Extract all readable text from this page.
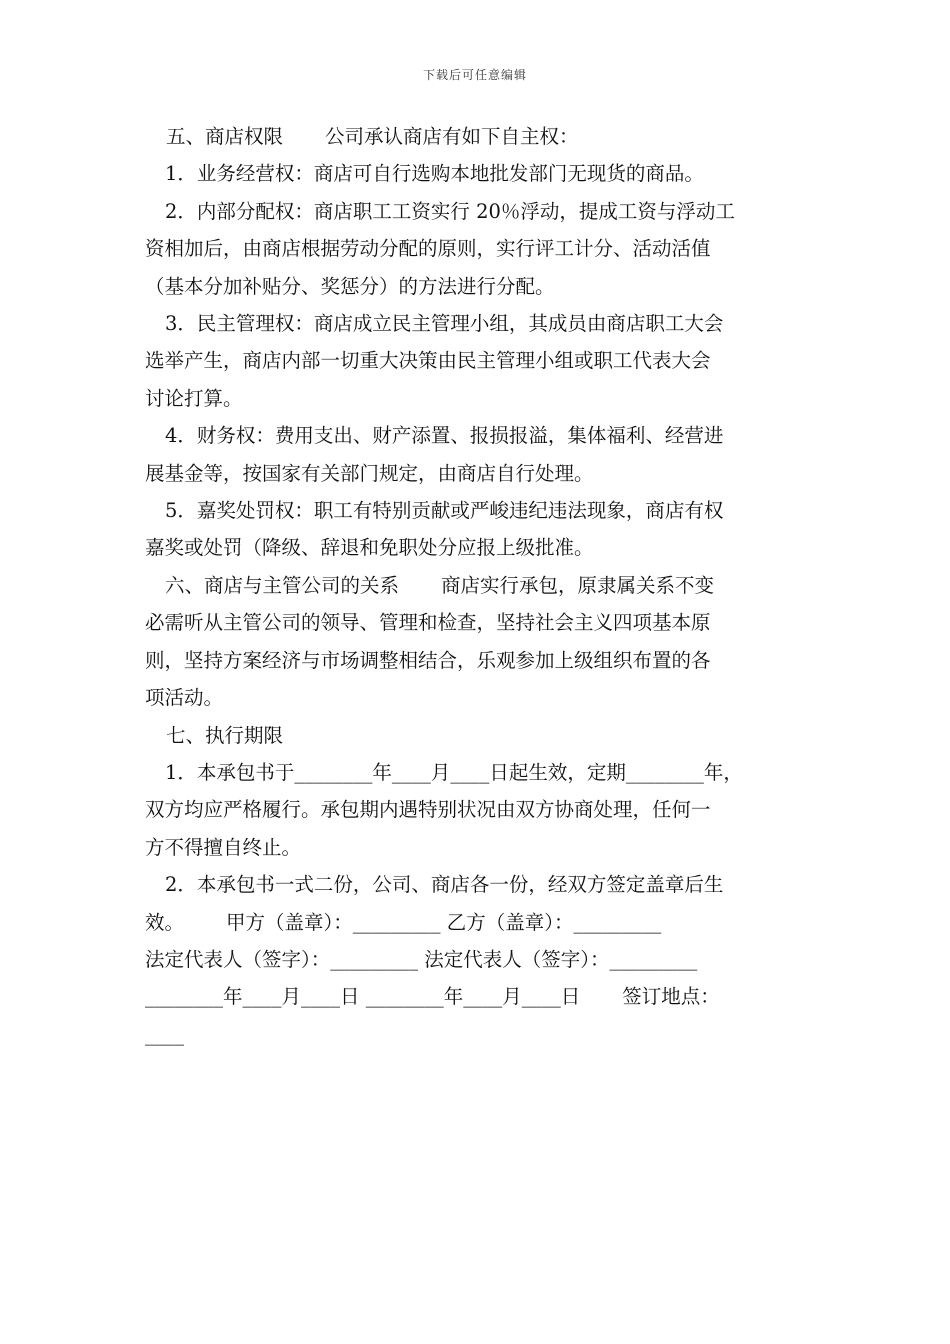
下载后可任意编辑

五、商店权限 公司承认商店有如下自主权：

1．业务经营权：商店可自行选购本地批发部门无现货的商品。
2．内部分配权：商店职工工资实行 20％浮动，提成工资与浮动工
资相加后，由商店根据劳动分配的原则，实行评工计分、活动活值
（基本分加补贴分、奖惩分）的方法进行分配。
3．民主管理权：商店成立民主管理小组，其成员由商店职工大会
选举产生，商店内部一切重大决策由民主管理小组或职工代表大会
讨论打算。
4．财务权：费用支出、财产添置、报损报溢，集体福利、经营进
展基金等，按国家有关部门规定，由商店自行处理。
5．嘉奖处罚权：职工有特别贡献或严峻违纪违法现象，商店有权
嘉奖或处罚（降级、辞退和免职处分应报上级批准。
六、商店与主管公司的关系 商店实行承包，原隶属关系不变
必需听从主管公司的领导、管理和检查，坚持社会主义四项基本原
则，坚持方案经济与市场调整相结合，乐观参加上级组织布置的各
项活动。
七、执行期限
1．本承包书于________年____月____日起生效，定期________年，
双方均应严格履行。承包期内遇特别状况由双方协商处理，任何一
方不得擅自终止。
2．本承包书一式二份，公司、商店各一份，经双方签定盖章后生
效。 甲方（盖章）：_________ 乙方（盖章）：_________
法定代表人（签字）：_________ 法定代表人（签字）：_________
________年____月____日 ________年____月____日 签订地点：
____
